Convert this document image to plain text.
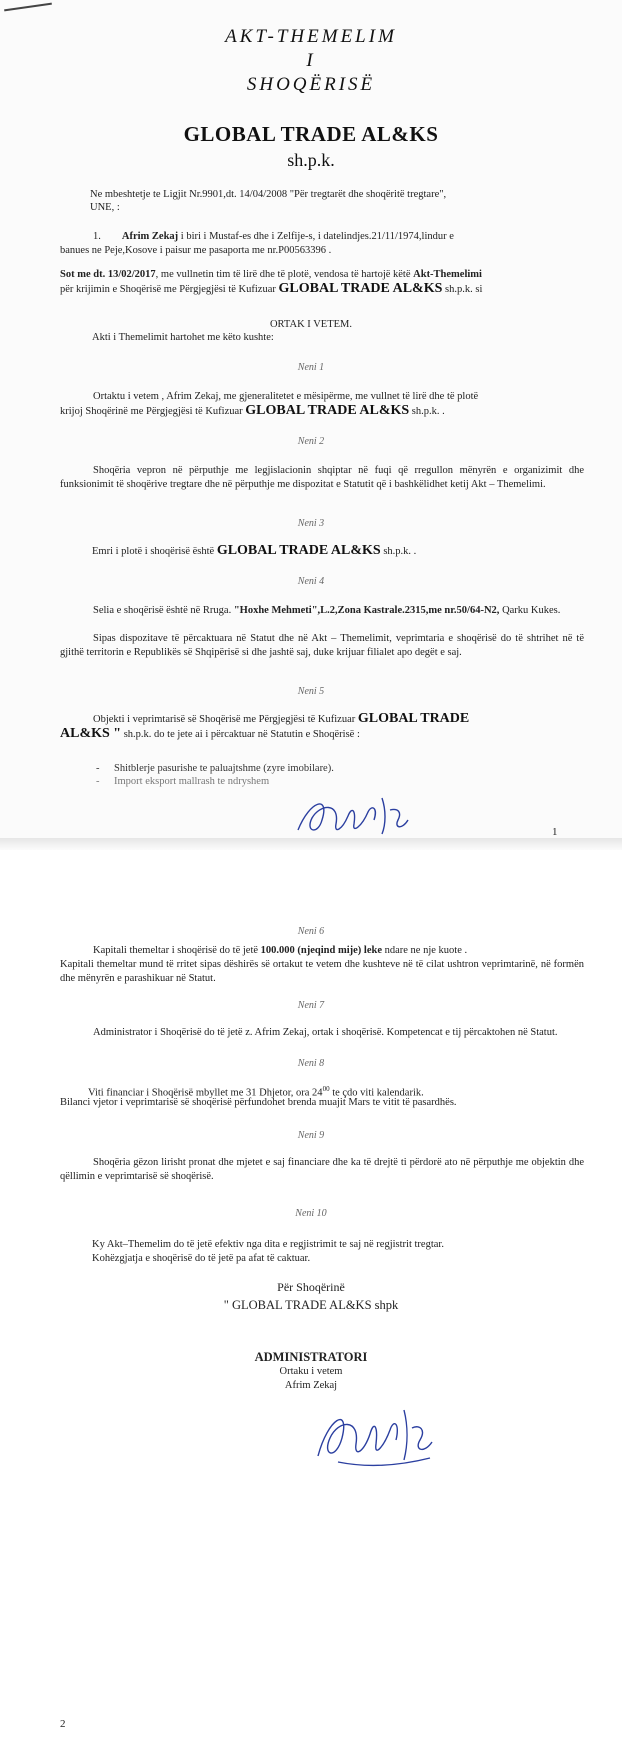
AKT-THEMELIM
I
SHOQËRISË
GLOBAL TRADE AL&KS
sh.p.k.
Ne mbeshtetje te Ligjit Nr.9901,dt. 14/04/2008 "Për tregtarët dhe shoqëritë tregtare",
UNE, :
1. Afrim Zekaj i biri i Mustaf-es dhe i Zelfije-s, i datelindjes.21/11/1974,lindur e
banues ne Peje,Kosove i paisur me pasaporta me nr.P00563396 .
Sot me dt. 13/02/2017, me vullnetin tim të lirë dhe të plotë, vendosa të hartojë këtë Akt-Themelimi
për krijimin e Shoqërisë me Përgjegjësi të Kufizuar GLOBAL TRADE AL&KS sh.p.k. si
ORTAK I VETEM.
Akti i Themelimit hartohet me këto kushte:
Neni 1
Ortaktu i vetem , Afrim Zekaj, me gjeneralitetet e mësipërme, me vullnet të lirë dhe të plotë
krijoj Shoqërinë me Përgjegjësi të Kufizuar GLOBAL TRADE AL&KS sh.p.k. .
Neni 2
Shoqëria vepron në përputhje me legjislacionin shqiptar në fuqi që rregullon mënyrën e organizimit dhe funksionimit të shoqërive tregtare dhe në përputhje me dispozitat e Statutit që i bashkëlidhet ketij Akt – Themelimi.
Neni 3
Emri i plotë i shoqërisë është GLOBAL TRADE AL&KS sh.p.k. .
Neni 4
Selia e shoqërisë është në Rruga. "Hoxhe Mehmeti",L.2,Zona Kastrale.2315,me nr.50/64-N2, Qarku Kukes.
Sipas dispozitave të përcaktuara në Statut dhe në Akt – Themelimit, veprimtaria e shoqërisë do të shtrihet në të gjithë territorin e Republikës së Shqipërisë si dhe jashtë saj, duke krijuar filialet apo degët e saj.
Neni 5
Objekti i veprimtarisë së Shoqërisë me Përgjegjësi të Kufizuar GLOBAL TRADE
AL&KS " sh.p.k. do te jete ai i përcaktuar në Statutin e Shoqërisë :
- Shitblerje pasurishe te paluajtshme (zyre imobilare).
- Import eksport mallrash te ndryshem
1
Neni 6
Kapitali themeltar i shoqërisë do të jetë 100.000 (njeqind mije) leke ndare ne nje kuote .
Kapitali themeltar mund të rritet sipas dëshirës së ortakut te vetem dhe kushteve në të cilat ushtron veprimtarinë, në formën dhe mënyrën e parashikuar në Statut.
Neni 7
Administrator i Shoqërisë do të jetë z. Afrim Zekaj, ortak i shoqërisë. Kompetencat e tij përcaktohen në Statut.
Neni 8
Viti financiar i Shoqërisë mbyllet me 31 Dhjetor, ora $24^{00}$ te çdo viti kalendarik.
Bilanci vjetor i veprimtarisë së shoqërisë përfundohet brenda muajit Mars te vitit të pasardhës.
Neni 9
Shoqëria gëzon lirisht pronat dhe mjetet e saj financiare dhe ka të drejtë ti përdorë ato në përputhje me objektin dhe qëllimin e veprimtarisë së shoqërisë.
Neni 10
Ky Akt–Themelim do të jetë efektiv nga dita e regjistrimit te saj në regjistrit tregtar.
Kohëzgjatja e shoqërisë do të jetë pa afat të caktuar.
Për Shoqërinë
" GLOBAL TRADE AL&KS shpk
ADMINISTRATORI
Ortaku i vetem
Afrim Zekaj
2
